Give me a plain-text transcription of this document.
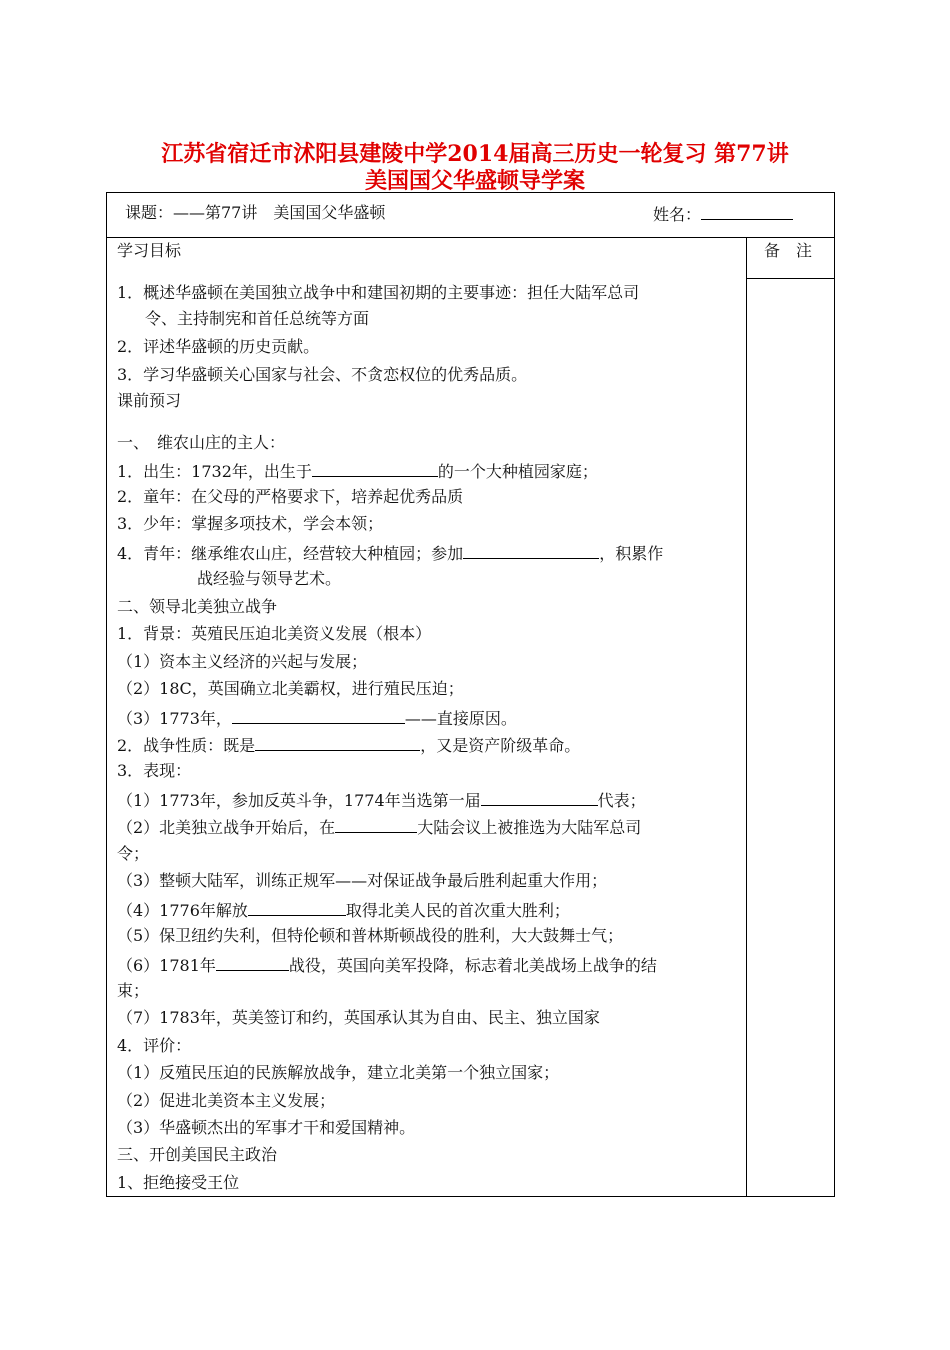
江苏省宿迁市沭阳县建陵中学2014届高三历史一轮复习 第77讲
美国国父华盛顿导学案
课题：——第77讲　美国国父华盛顿	姓名：
备　注
学习目标
1．概述华盛顿在美国独立战争中和建国初期的主要事迹：担任大陆军总司
令、主持制宪和首任总统等方面
2．评述华盛顿的历史贡献。
3．学习华盛顿关心国家与社会、不贪恋权位的优秀品质。
课前预习
一、　维农山庄的主人：
1．出生：1732年，出生于	的一个大种植园家庭；
2．童年：在父母的严格要求下，培养起优秀品质
3．少年：掌握多项技术，学会本领；
4．青年：继承维农山庄，经营较大种植园；参加	，积累作
战经验与领导艺术。
二、领导北美独立战争
1．背景：英殖民压迫北美资义发展（根本）
（1）资本主义经济的兴起与发展；
（2）18C，英国确立北美霸权，进行殖民压迫；
（3）1773年，	——直接原因。
2．战争性质：既是	，又是资产阶级革命。
3．表现：
（1）1773年，参加反英斗争，1774年当选第一届	代表；
（2）北美独立战争开始后，在	大陆会议上被推选为大陆军总司
令；
（3）整顿大陆军，训练正规军——对保证战争最后胜利起重大作用；
（4）1776年解放	取得北美人民的首次重大胜利；
（5）保卫纽约失利，但特伦顿和普林斯顿战役的胜利，大大鼓舞士气；
（6）1781年	战役，英国向美军投降，标志着北美战场上战争的结
束；
（7）1783年，英美签订和约，英国承认其为自由、民主、独立国家
4．评价：
（1）反殖民压迫的民族解放战争，建立北美第一个独立国家；
（2）促进北美资本主义发展；
（3）华盛顿杰出的军事才干和爱国精神。
三、开创美国民主政治
1、拒绝接受王位
